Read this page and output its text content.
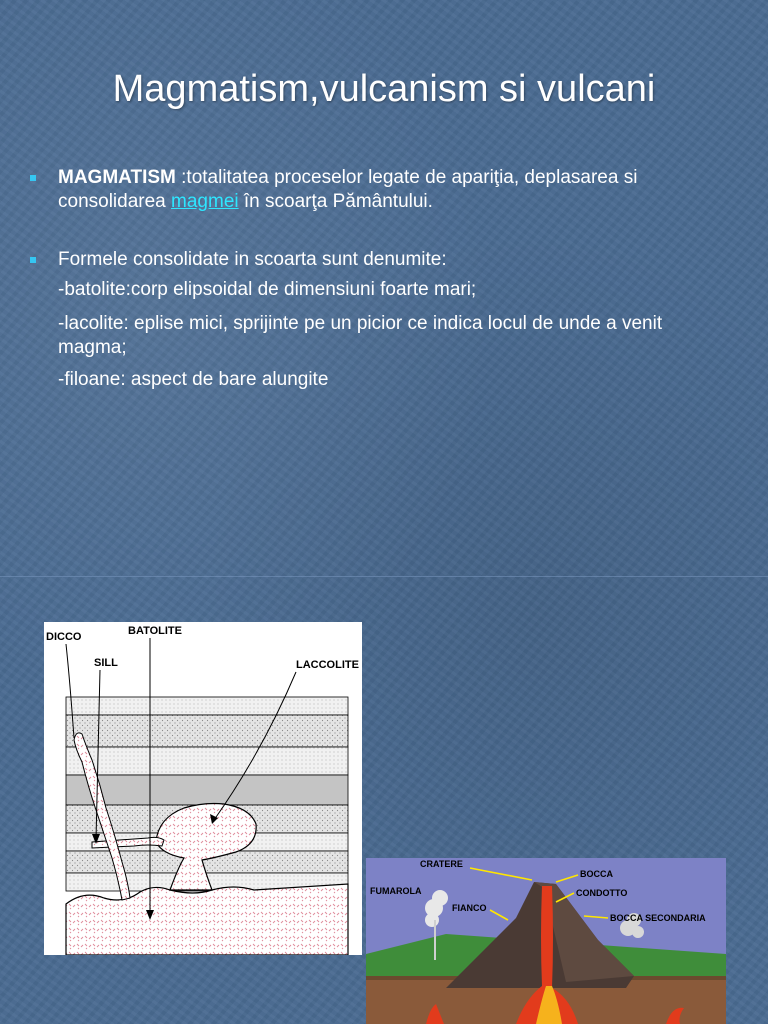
Magmatism,vulcanism si vulcani
MAGMATISM :totalitatea proceselor legate de apariţia, deplasarea si consolidarea magmei în scoarţa Pământului.
Formele consolidate in scoarta sunt denumite:
-batolite:corp elipsoidal de dimensiuni foarte mari;
-lacolite: eplise mici, sprijinte pe un picior ce indica locul de unde a venit magma;
-filoane: aspect de bare alungite
DICCO	BATOLITE
SILL	LACCOLITE
CRATERE
BOCCA
FUMAROLA	CONDOTTO
FIANCO
BOCCA SECONDARIA
